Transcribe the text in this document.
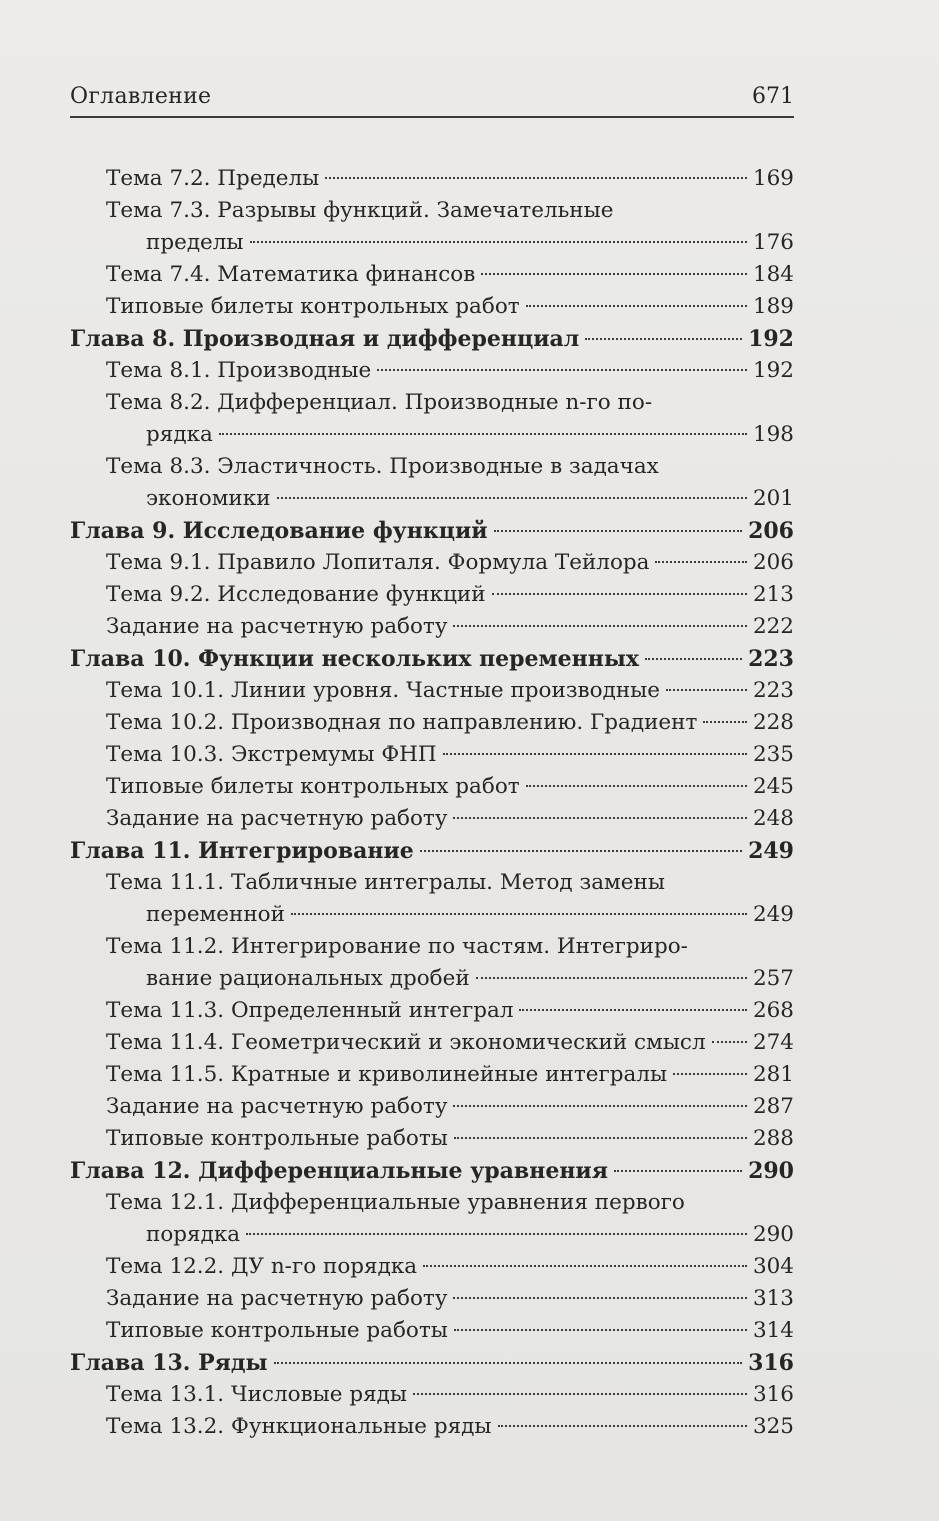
Оглавление	671
Тема 7.2. Пределы	169
Тема 7.3. Разрывы функций. Замечательные
пределы	176
Тема 7.4. Математика финансов	184
Типовые билеты контрольных работ	189
Глава 8. Производная и дифференциал	192
Тема 8.1. Производные	192
Тема 8.2. Дифференциал. Производные n-го по-
рядка	198
Тема 8.3. Эластичность. Производные в задачах
экономики	201
Глава 9. Исследование функций	206
Тема 9.1. Правило Лопиталя. Формула Тейлора	206
Тема 9.2. Исследование функций	213
Задание на расчетную работу	222
Глава 10. Функции нескольких переменных	223
Тема 10.1. Линии уровня. Частные производные	223
Тема 10.2. Производная по направлению. Градиент	228
Тема 10.3. Экстремумы ФНП	235
Типовые билеты контрольных работ	245
Задание на расчетную работу	248
Глава 11. Интегрирование	249
Тема 11.1. Табличные интегралы. Метод замены
переменной	249
Тема 11.2. Интегрирование по частям. Интегриро-
вание рациональных дробей	257
Тема 11.3. Определенный интеграл	268
Тема 11.4. Геометрический и экономический смысл 274
Тема 11.5. Кратные и криволинейные интегралы	281
Задание на расчетную работу	287
Типовые контрольные работы	288
Глава 12. Дифференциальные уравнения	290
Тема 12.1. Дифференциальные уравнения первого
порядка	290
Тема 12.2. ДУ n-го порядка	304
Задание на расчетную работу	313
Типовые контрольные работы	314
Глава 13. Ряды	316
Тема 13.1. Числовые ряды	316
Тема 13.2. Функциональные ряды	325
